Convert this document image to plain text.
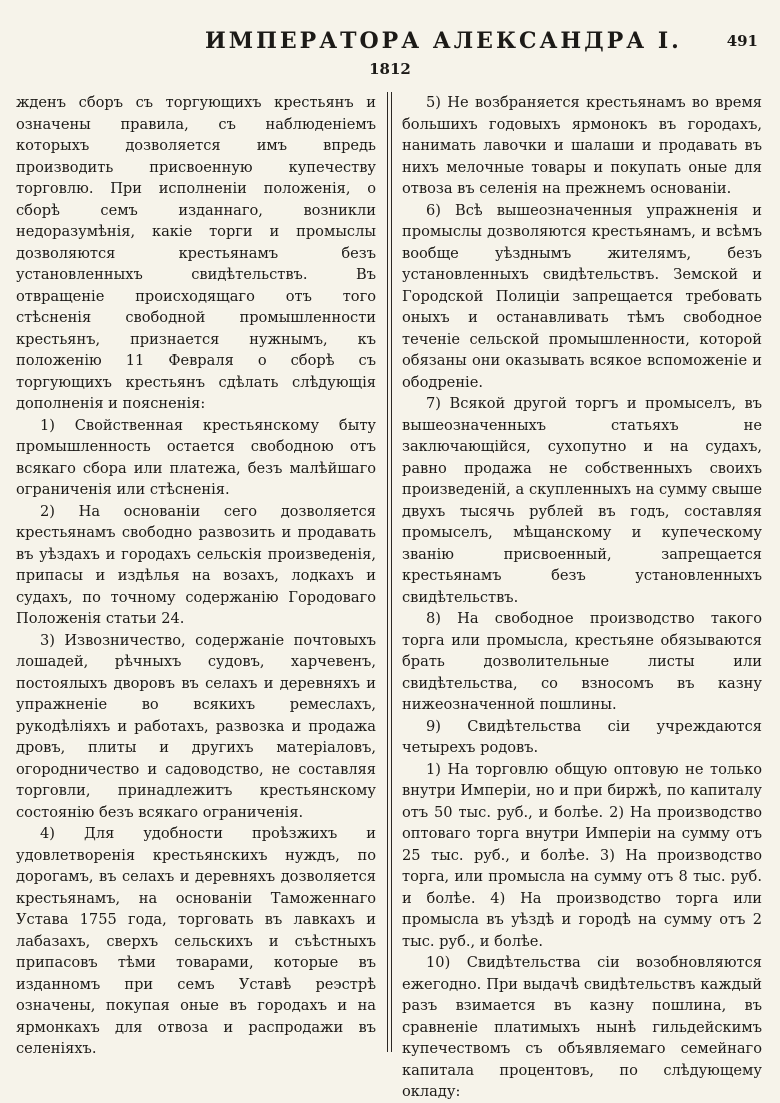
ИМПЕРАТОРА АЛЕКСАНДРА I.	491
1812

жденъ сборъ съ торгующихъ крестьянъ и означены правила, съ наблюденіемъ которыхъ дозволяется имъ впредь производить присвоенную купечеству торговлю. При исполненіи положенія, о сборѣ семъ изданнаго, возникли недоразумѣнія, какіе торги и промыслы дозволяются крестьянамъ безъ установленныхъ свидѣтельствъ. Въ отвращеніе происходящаго отъ того стѣсненія свободной промышленности крестьянъ, признается нужнымъ, къ положенію 11 Февраля о сборѣ съ торгующихъ крестьянъ сдѣлать слѣдующія дополненія и поясненія:

1) Свойственная крестьянскому быту промышленность остается свободною отъ всякаго сбора или платежа, безъ малѣйшаго ограниченія или стѣсненія.

2) На основаніи сего дозволяется крестьянамъ свободно развозить и продавать въ уѣздахъ и городахъ сельскія произведенія, припасы и издѣлья на возахъ, лодкахъ и судахъ, по точному содержанію Городоваго Положенія статьи 24.

3) Извозничество, содержаніе почтовыхъ лошадей, рѣчныхъ судовъ, харчевенъ, постоялыхъ дворовъ въ селахъ и деревняхъ и упражненіе во всякихъ ремеслахъ, рукодѣліяхъ и работахъ, развозка и продажа дровъ, плиты и другихъ матеріаловъ, огородничество и садоводство, не составляя торговли, принадлежитъ крестьянскому состоянію безъ всякаго ограниченія.

4) Для удобности проѣзжихъ и удовлетворенія крестьянскихъ нуждъ, по дорогамъ, въ селахъ и деревняхъ дозволяется крестьянамъ, на основаніи Таможеннаго Устава 1755 года, торговать въ лавкахъ и лабазахъ, сверхъ сельскихъ и съѣстныхъ припасовъ тѣми товарами, которые въ изданномъ при семъ Уставѣ реэстрѣ означены, покупая оные въ городахъ и на ярмонкахъ для отвоза и распродажи въ селеніяхъ.

5) Не возбраняется крестьянамъ во время большихъ годовыхъ ярмонокъ въ городахъ, нанимать лавочки и шалаши и продавать въ нихъ мелочные товары и покупать оные для отвоза въ селенія на прежнемъ основаніи.

6) Всѣ вышеозначенныя упражненія и промыслы дозволяются крестьянамъ, и всѣмъ вообще уѣзднымъ жителямъ, безъ установленныхъ свидѣтельствъ. Земской и Городской Полиціи запрещается требовать оныхъ и останавливать тѣмъ свободное теченіе сельской промышленности, которой обязаны они оказывать всякое вспоможеніе и ободреніе.

7) Всякой другой торгъ и промыселъ, въ вышеозначенныхъ статьяхъ не заключающійся, сухопутно и на судахъ, равно продажа не собственныхъ своихъ произведеній, а скупленныхъ на сумму свыше двухъ тысячь рублей въ годъ, составляя промыселъ, мѣщанскому и купеческому званію присвоенный, запрещается крестьянамъ безъ установленныхъ свидѣтельствъ.

8) На свободное производство такого торга или промысла, крестьяне обязываются брать дозволительные листы или свидѣтельства, со взносомъ въ казну нижеозначенной пошлины.

9) Свидѣтельства сіи учреждаются четырехъ родовъ.

1) На торговлю общую оптовую не только внутри Имперіи, но и при биржѣ, по капиталу отъ 50 тыс. руб., и болѣе. 2) На производство оптоваго торга внутри Имперіи на сумму отъ 25 тыс. руб., и болѣе. 3) На производство торга, или промысла на сумму отъ 8 тыс. руб. и болѣе. 4) На производство торга или промысла въ уѣздѣ и городѣ на сумму отъ 2 тыс. руб., и болѣе.

10) Свидѣтельства сіи возобновляются ежегодно. При выдачѣ свидѣтельствъ каждый разъ взимается въ казну пошлина, въ сравненіе платимыхъ нынѣ гильдейскимъ купечествомъ съ объявляемаго семейнаго капитала процентовъ, по слѣдующему окладу:
